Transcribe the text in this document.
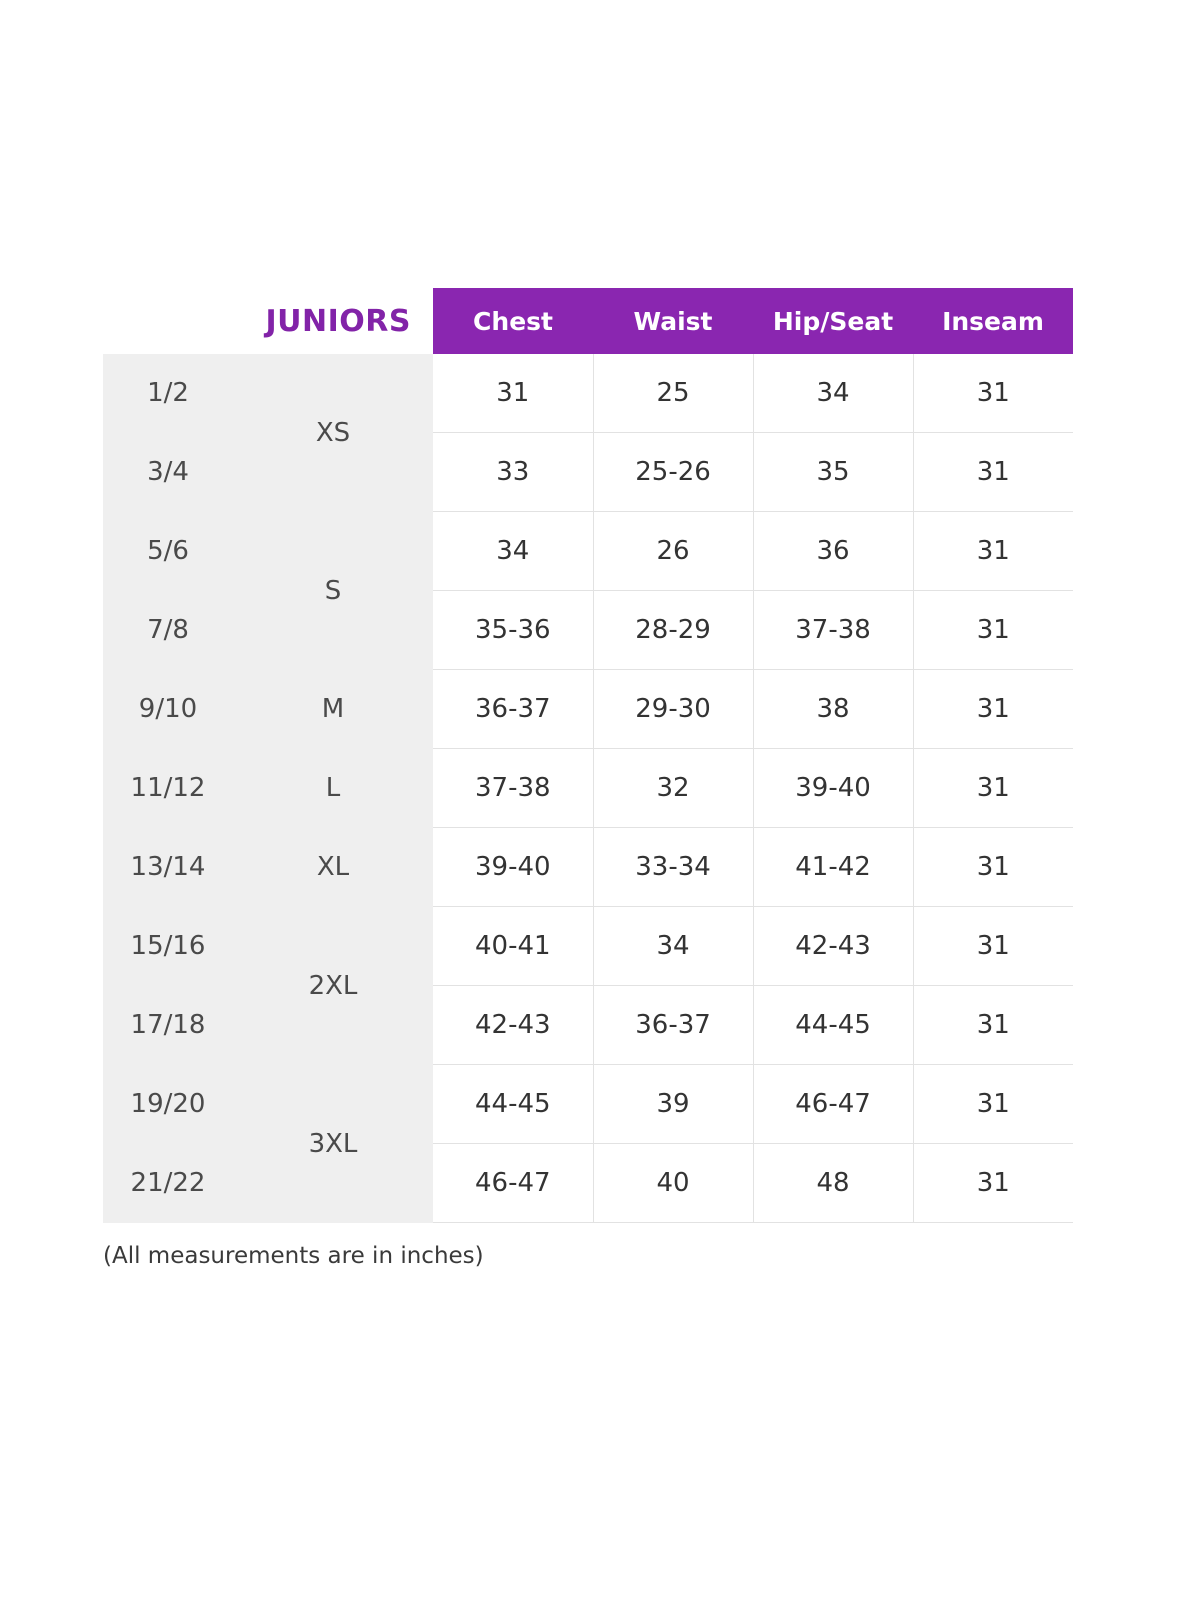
JUNIORS		Chest	Waist	Hip/Seat	Inseam
1/2	XS	31	25	34	31
3/4		33	25-26	35	31
5/6	S	34	26	36	31
7/8		35-36	28-29	37-38	31
9/10	M	36-37	29-30	38	31
11/12	L	37-38	32	39-40	31
13/14	XL	39-40	33-34	41-42	31
15/16	2XL	40-41	34	42-43	31
17/18		42-43	36-37	44-45	31
19/20	3XL	44-45	39	46-47	31
21/22		46-47	40	48	31
(All measurements are in inches)
